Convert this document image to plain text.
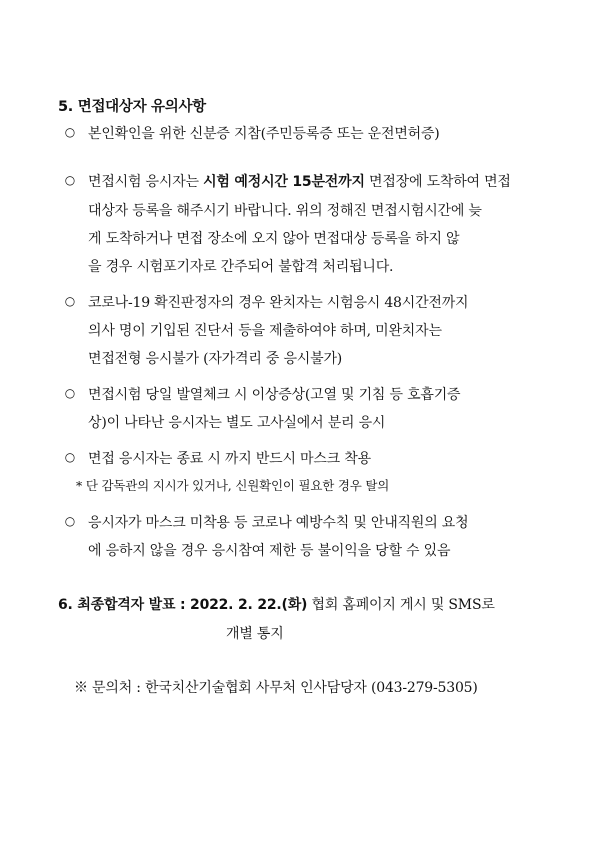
5. 면접대상자 유의사항
○ 본인확인을 위한 신분증 지참(주민등록증 또는 운전면허증)
○ 면접시험 응시자는 시험 예정시간 15분전까지 면접장에 도착하여 면접
대상자 등록을 해주시기 바랍니다. 위의 정해진 면접시험시간에 늦
게 도착하거나 면접 장소에 오지 않아 면접대상 등록을 하지 않
을 경우 시험포기자로 간주되어 불합격 처리됩니다.
○ 코로나-19 확진판정자의 경우 완치자는 시험응시 48시간전까지
의사 명이 기입된 진단서 등을 제출하여야 하며, 미완치자는
면접전형 응시불가 (자가격리 중 응시불가)
○ 면접시험 당일 발열체크 시 이상증상(고열 및 기침 등 호흡기증
상)이 나타난 응시자는 별도 고사실에서 분리 응시
○ 면접 응시자는 종료 시 까지 반드시 마스크 착용
* 단 감독관의 지시가 있거나, 신원확인이 필요한 경우 탈의
○ 응시자가 마스크 미착용 등 코로나 예방수칙 및 안내직원의 요청
에 응하지 않을 경우 응시참여 제한 등 불이익을 당할 수 있음
6. 최종합격자 발표 : 2022. 2. 22.(화) 협회 홈페이지 게시 및 SMS로
개별 통지
※ 문의처 : 한국치산기술협회 사무처 인사담당자 (043-279-5305)
